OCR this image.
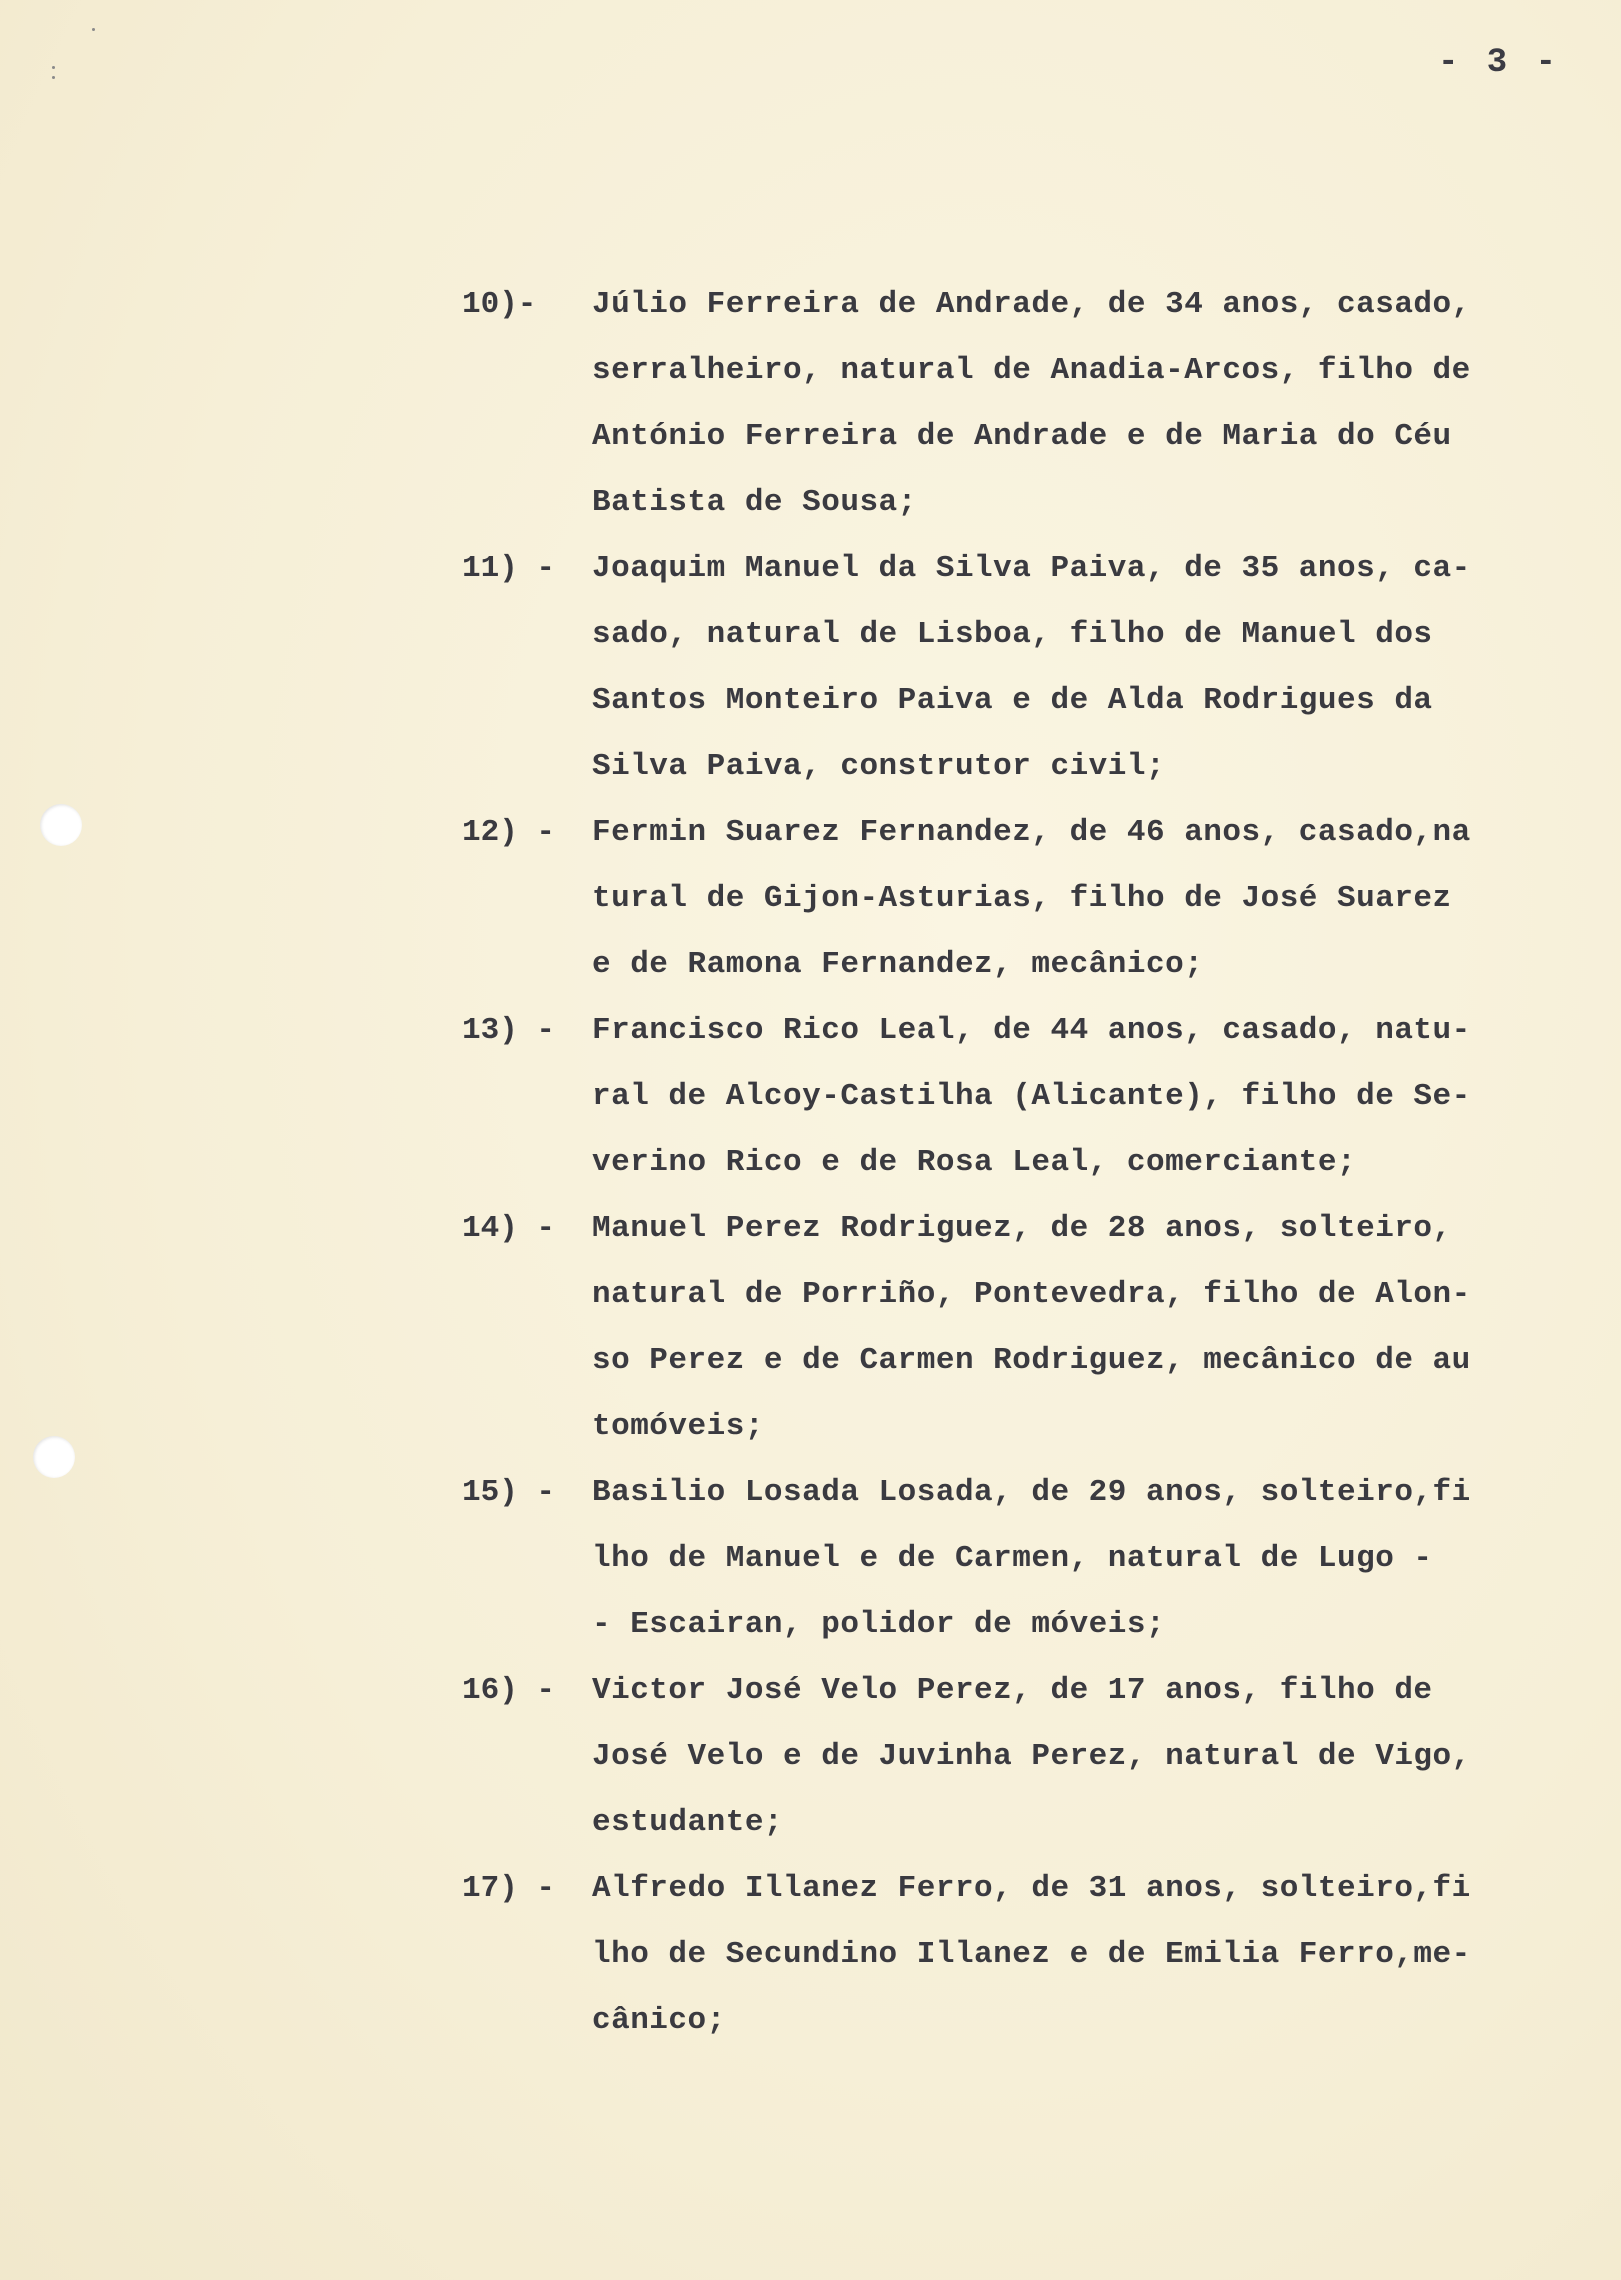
- 3 -
10)- Júlio Ferreira de Andrade, de 34 anos, casado,
serralheiro, natural de Anadia-Arcos, filho de
António Ferreira de Andrade e de Maria do Céu
Batista de Sousa;
11) - Joaquim Manuel da Silva Paiva, de 35 anos, ca-
sado, natural de Lisboa, filho de Manuel dos
Santos Monteiro Paiva e de Alda Rodrigues da
Silva Paiva, construtor civil;
12) - Fermin Suarez Fernandez, de 46 anos, casado,na
tural de Gijon-Asturias, filho de José Suarez
e de Ramona Fernandez, mecânico;
13) - Francisco Rico Leal, de 44 anos, casado, natu-
ral de Alcoy-Castilha (Alicante), filho de Se-
verino Rico e de Rosa Leal, comerciante;
14) - Manuel Perez Rodriguez, de 28 anos, solteiro,
natural de Porriño, Pontevedra, filho de Alon-
so Perez e de Carmen Rodriguez, mecânico de au
tomóveis;
15) - Basilio Losada Losada, de 29 anos, solteiro,fi
lho de Manuel e de Carmen, natural de Lugo -
- Escairan, polidor de móveis;
16) - Victor José Velo Perez, de 17 anos, filho de
José Velo e de Juvinha Perez, natural de Vigo,
estudante;
17) - Alfredo Illanez Ferro, de 31 anos, solteiro,fi
lho de Secundino Illanez e de Emilia Ferro,me-
cânico;
